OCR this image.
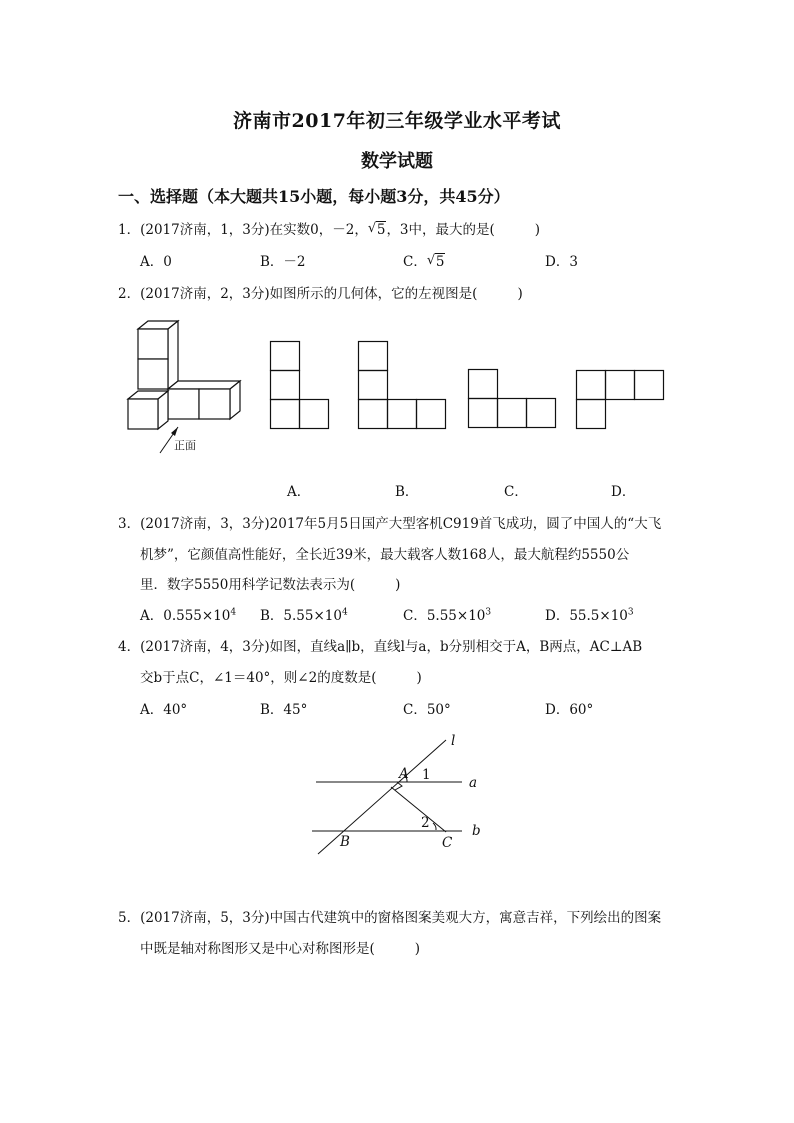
济南市2017年初三年级学业水平考试
数学试题
一、选择题（本大题共15小题，每小题3分，共45分）
1．(2017济南，1，3分)在实数0，－2， √ 5，3中，最大的是(	)
A．0	B．－2	C． √ 5	D．3
2．(2017济南，2，3分)如图所示的几何体，它的左视图是(	)
正面
A．	B．	C．	D．
3．(2017济南，3，3分)2017年5月5日国产大型客机C919首飞成功，圆了中国人的“大飞
机梦”，它颜值高性能好，全长近39米，最大载客人数168人，最大航程约5550公
里．数字5550用科学记数法表示为(	)
A．$0.555\times 10^4$ B．$5.55\times 10^4$	C．$5.55\times 10^3$	D．$55.5\times 10^3$
4．(2017济南，4，3分)如图，直线a∥b，直线l与a，b分别相交于A，B两点，AC⊥AB
交b于点C，∠1＝40°，则∠2的度数是(	)
A．40°	B．45°	C．50°	D．60°
l
a
b
A
B	C
1
2
5．(2017济南，5，3分)中国古代建筑中的窗格图案美观大方，寓意吉祥，下列绘出的图案
中既是轴对称图形又是中心对称图形是(	)
